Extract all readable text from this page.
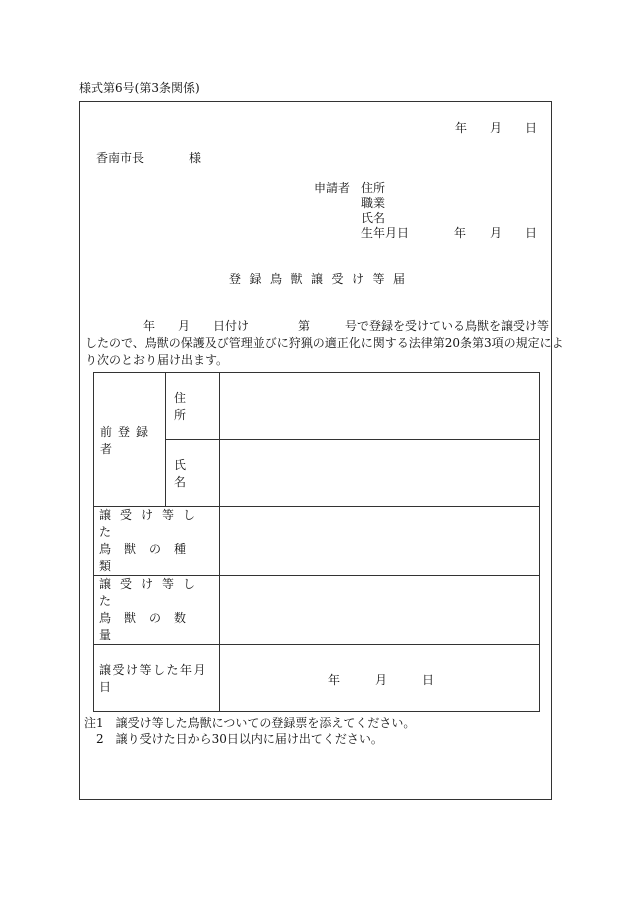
様式第6号(第3条関係)
年 月 日
香南市長	様
申請者 住所
職業
氏名
生年月日	年 月 日
登録鳥獣譲受け等届
年 月 日付け	第	号で登録を受けている鳥獣を譲受け等
したので、鳥獣の保護及び管理並びに狩猟の適正化に関する法律第20条第3項の規定によ
り次のとおり届け出ます。
前登録者	住所	
	氏名	

譲受け等した
鳥獣の種類		

譲受け等した
鳥獣の数量		

譲受け等した年月日		年 月 日
注1　譲受け等した鳥獣についての登録票を添えてください。
2　譲り受けた日から30日以内に届け出てください。
